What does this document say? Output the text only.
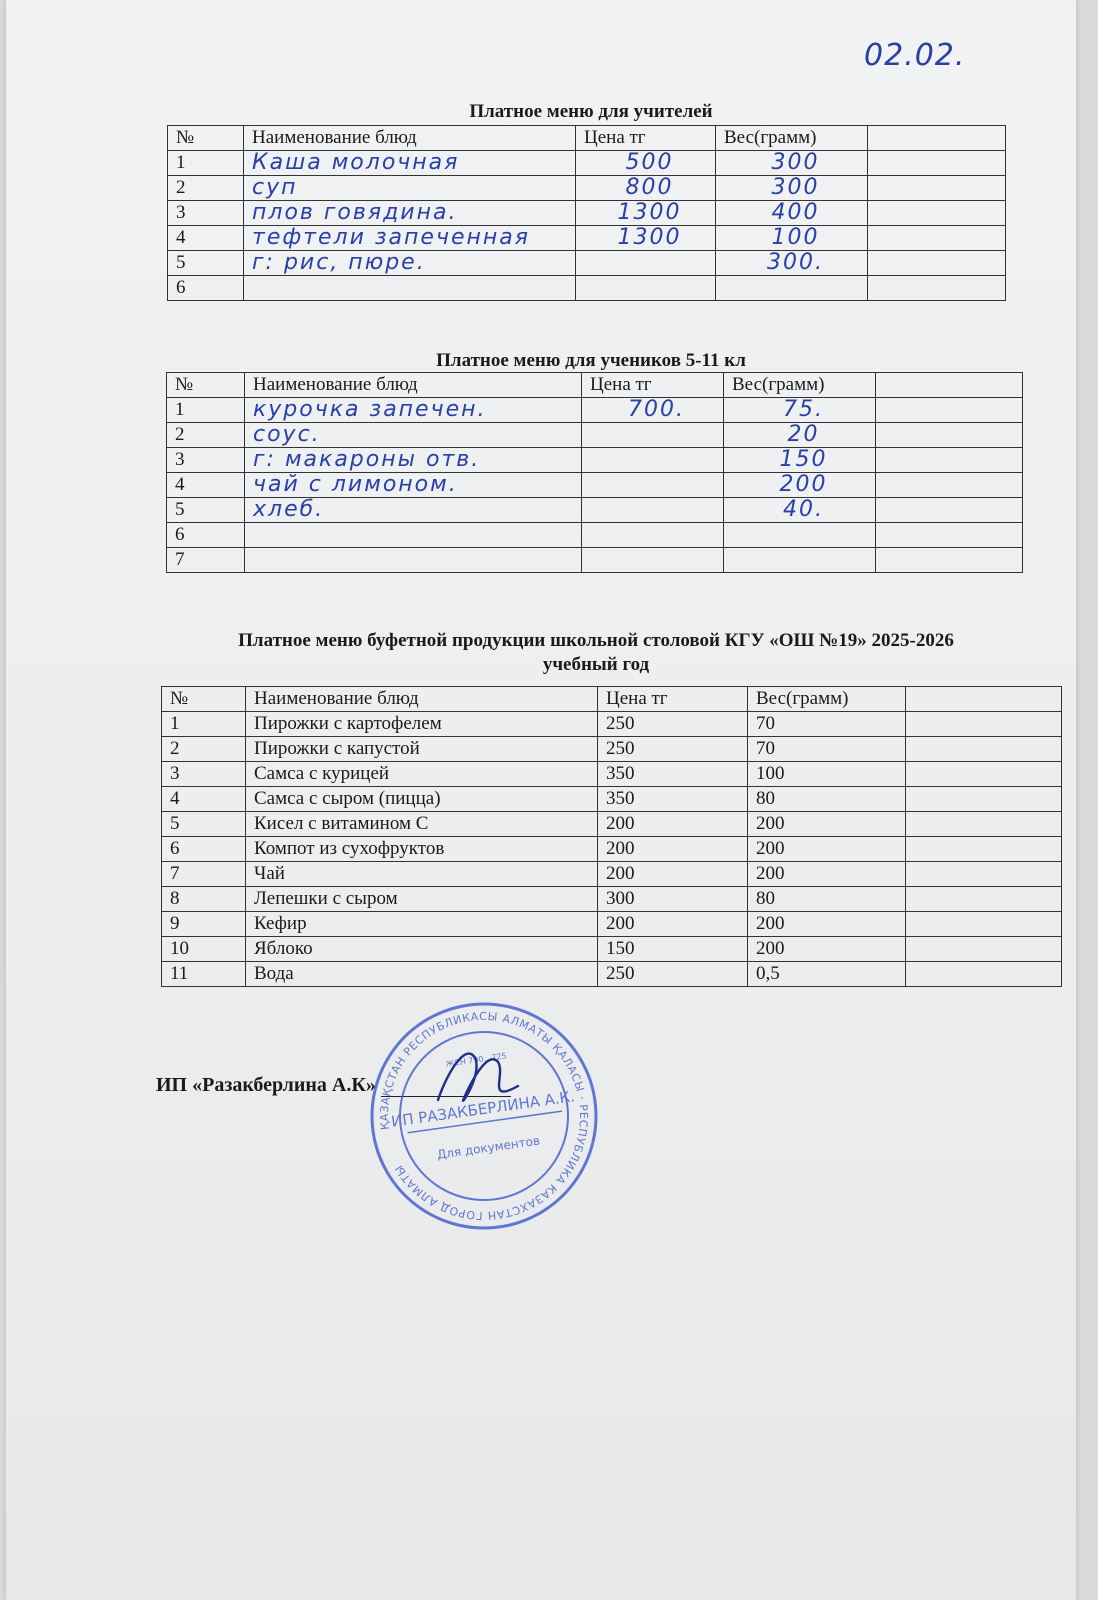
02.02.
Платное меню для учителей
№	Наименование блюд	Цена тг	Вес(грамм)	
1	Каша молочная	500	300	
2	суп	800	300	
3	плов говядина.	1300	400	
4	тефтели запеченная	1300	100	
5	г: рис, пюре.		300.	
6				
Платное меню для учеников 5-11 кл
№	Наименование блюд	Цена тг	Вес(грамм)	
1	курочка запечен.	700.	75.	
2	соус.		20	
3	г: макароны отв.		150	
4	чай с лимоном.		200	
5	хлеб.		40.	
6				
7				
Платное меню буфетной продукции школьной столовой КГУ «ОШ №19» 2025-2026
учебный год
№	Наименование блюд	Цена тг	Вес(грамм)	
1	Пирожки с картофелем	250	70	
2	Пирожки с капустой	250	70	
3	Самса с курицей	350	100	
4	Самса с сыром (пицца)	350	80	
5	Кисел с витамином С	200	200	
6	Компот из сухофруктов	200	200	
7	Чай	200	200	
8	Лепешки с сыром	300	80	
9	Кефир	200	200	
10	Яблоко	150	200	
11	Вода	250	0,5	
ИП «Разакберлина А.К»
ҚАЗАҚСТАН РЕСПУБЛИКАСЫ АЛМАТЫ ҚАЛАСЫ · РЕСПУБЛИКА КАЗАХСТАН ГОРОД АЛМАТЫ
ЖСН 790…725
ИП РАЗАКБЕРЛИНА А.К.
Для документов
